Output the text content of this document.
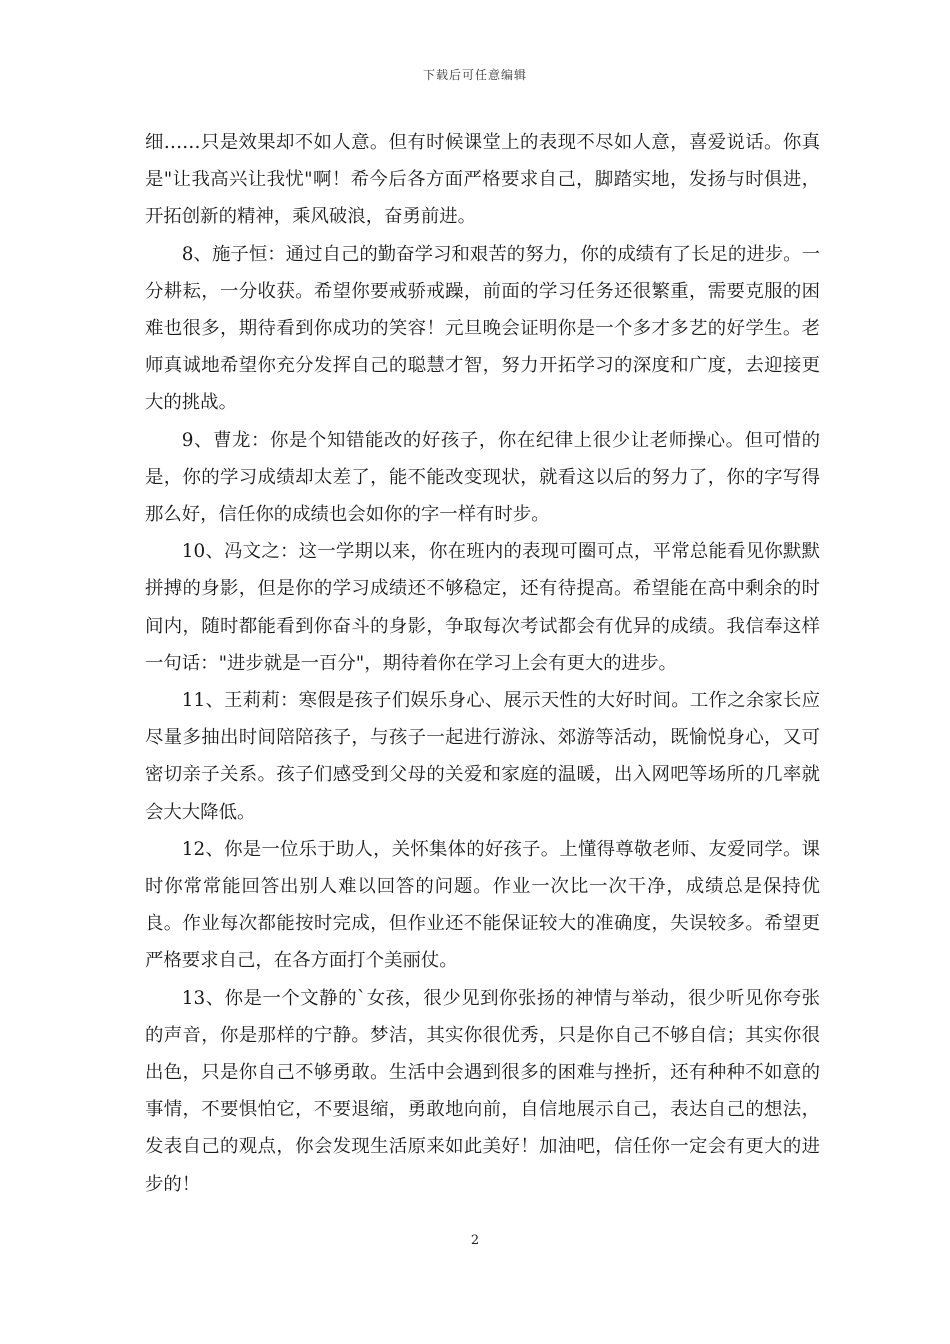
下载后可任意编辑

细……只是效果却不如人意。但有时候课堂上的表现不尽如人意，喜爱说话。你真是"让我高兴让我忧"啊！希今后各方面严格要求自己，脚踏实地，发扬与时俱进，开拓创新的精神，乘风破浪，奋勇前进。

8、施子恒：通过自己的勤奋学习和艰苦的努力，你的成绩有了长足的进步。一分耕耘，一分收获。希望你要戒骄戒躁，前面的学习任务还很繁重，需要克服的困难也很多，期待看到你成功的笑容！元旦晚会证明你是一个多才多艺的好学生。老师真诚地希望你充分发挥自己的聪慧才智，努力开拓学习的深度和广度，去迎接更大的挑战。

9、曹龙：你是个知错能改的好孩子，你在纪律上很少让老师操心。但可惜的是，你的学习成绩却太差了，能不能改变现状，就看这以后的努力了，你的字写得那么好，信任你的成绩也会如你的字一样有时步。

10、冯文之：这一学期以来，你在班内的表现可圈可点，平常总能看见你默默拼搏的身影，但是你的学习成绩还不够稳定，还有待提高。希望能在高中剩余的时间内，随时都能看到你奋斗的身影，争取每次考试都会有优异的成绩。我信奉这样一句话："进步就是一百分"，期待着你在学习上会有更大的进步。

11、王莉莉：寒假是孩子们娱乐身心、展示天性的大好时间。工作之余家长应尽量多抽出时间陪陪孩子，与孩子一起进行游泳、郊游等活动，既愉悦身心，又可密切亲子关系。孩子们感受到父母的关爱和家庭的温暖，出入网吧等场所的几率就会大大降低。

12、你是一位乐于助人，关怀集体的好孩子。上懂得尊敬老师、友爱同学。课时你常常能回答出别人难以回答的问题。作业一次比一次干净，成绩总是保持优良。作业每次都能按时完成，但作业还不能保证较大的准确度，失误较多。希望更严格要求自己，在各方面打个美丽仗。

13、你是一个文静的`女孩，很少见到你张扬的神情与举动，很少听见你夸张的声音，你是那样的宁静。梦洁，其实你很优秀，只是你自己不够自信；其实你很出色，只是你自己不够勇敢。生活中会遇到很多的困难与挫折，还有种种不如意的事情，不要惧怕它，不要退缩，勇敢地向前，自信地展示自己，表达自己的想法，发表自己的观点，你会发现生活原来如此美好！加油吧，信任你一定会有更大的进步的！

2
